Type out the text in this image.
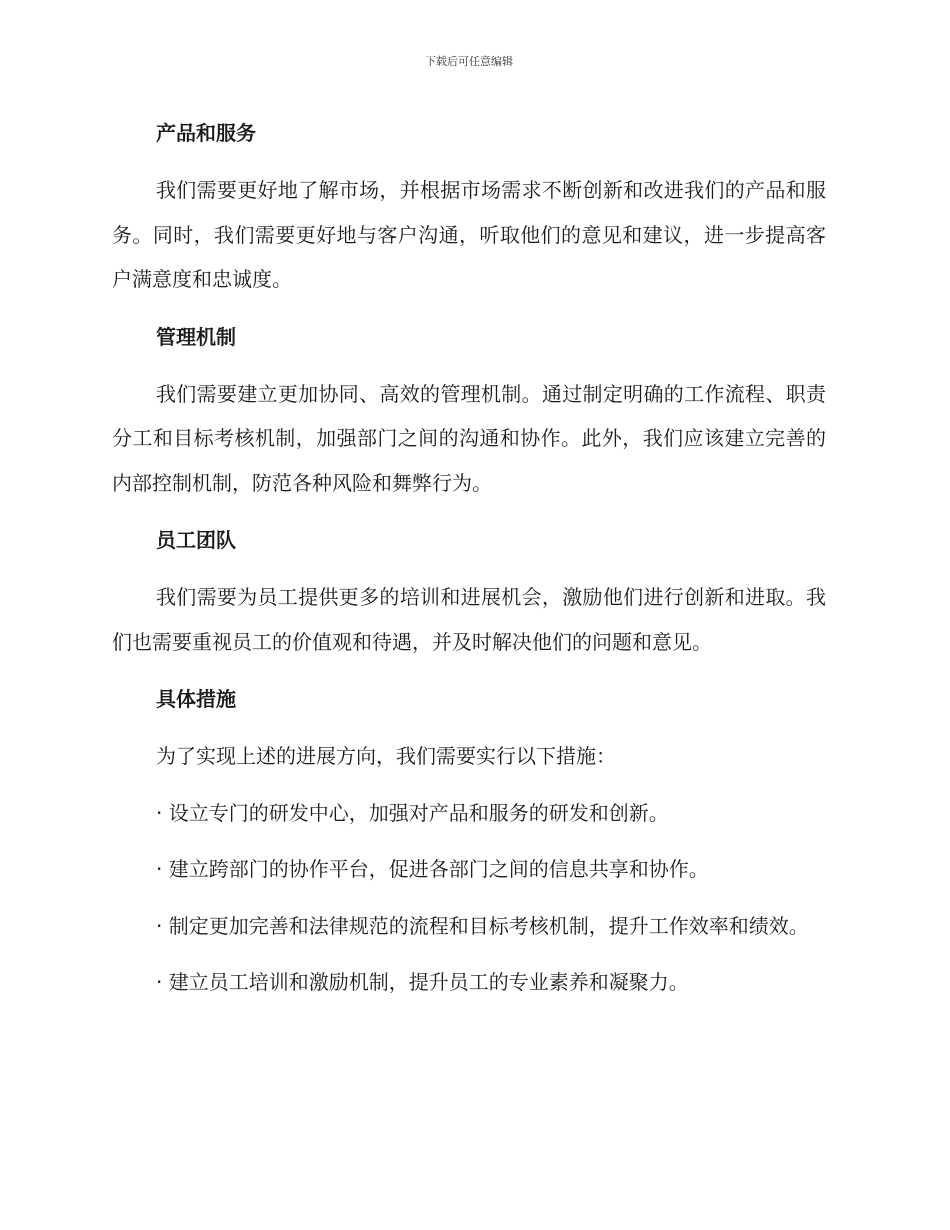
下载后可任意编辑
产品和服务

我们需要更好地了解市场，并根据市场需求不断创新和改进我们的产品和服务。同时，我们需要更好地与客户沟通，听取他们的意见和建议，进一步提高客户满意度和忠诚度。

管理机制

我们需要建立更加协同、高效的管理机制。通过制定明确的工作流程、职责分工和目标考核机制，加强部门之间的沟通和协作。此外，我们应该建立完善的内部控制机制，防范各种风险和舞弊行为。

员工团队

我们需要为员工提供更多的培训和进展机会，激励他们进行创新和进取。我们也需要重视员工的价值观和待遇，并及时解决他们的问题和意见。

具体措施

为了实现上述的进展方向，我们需要实行以下措施：

· 设立专门的研发中心，加强对产品和服务的研发和创新。
· 建立跨部门的协作平台，促进各部门之间的信息共享和协作。
· 制定更加完善和法律规范的流程和目标考核机制，提升工作效率和绩效。
· 建立员工培训和激励机制，提升员工的专业素养和凝聚力。
